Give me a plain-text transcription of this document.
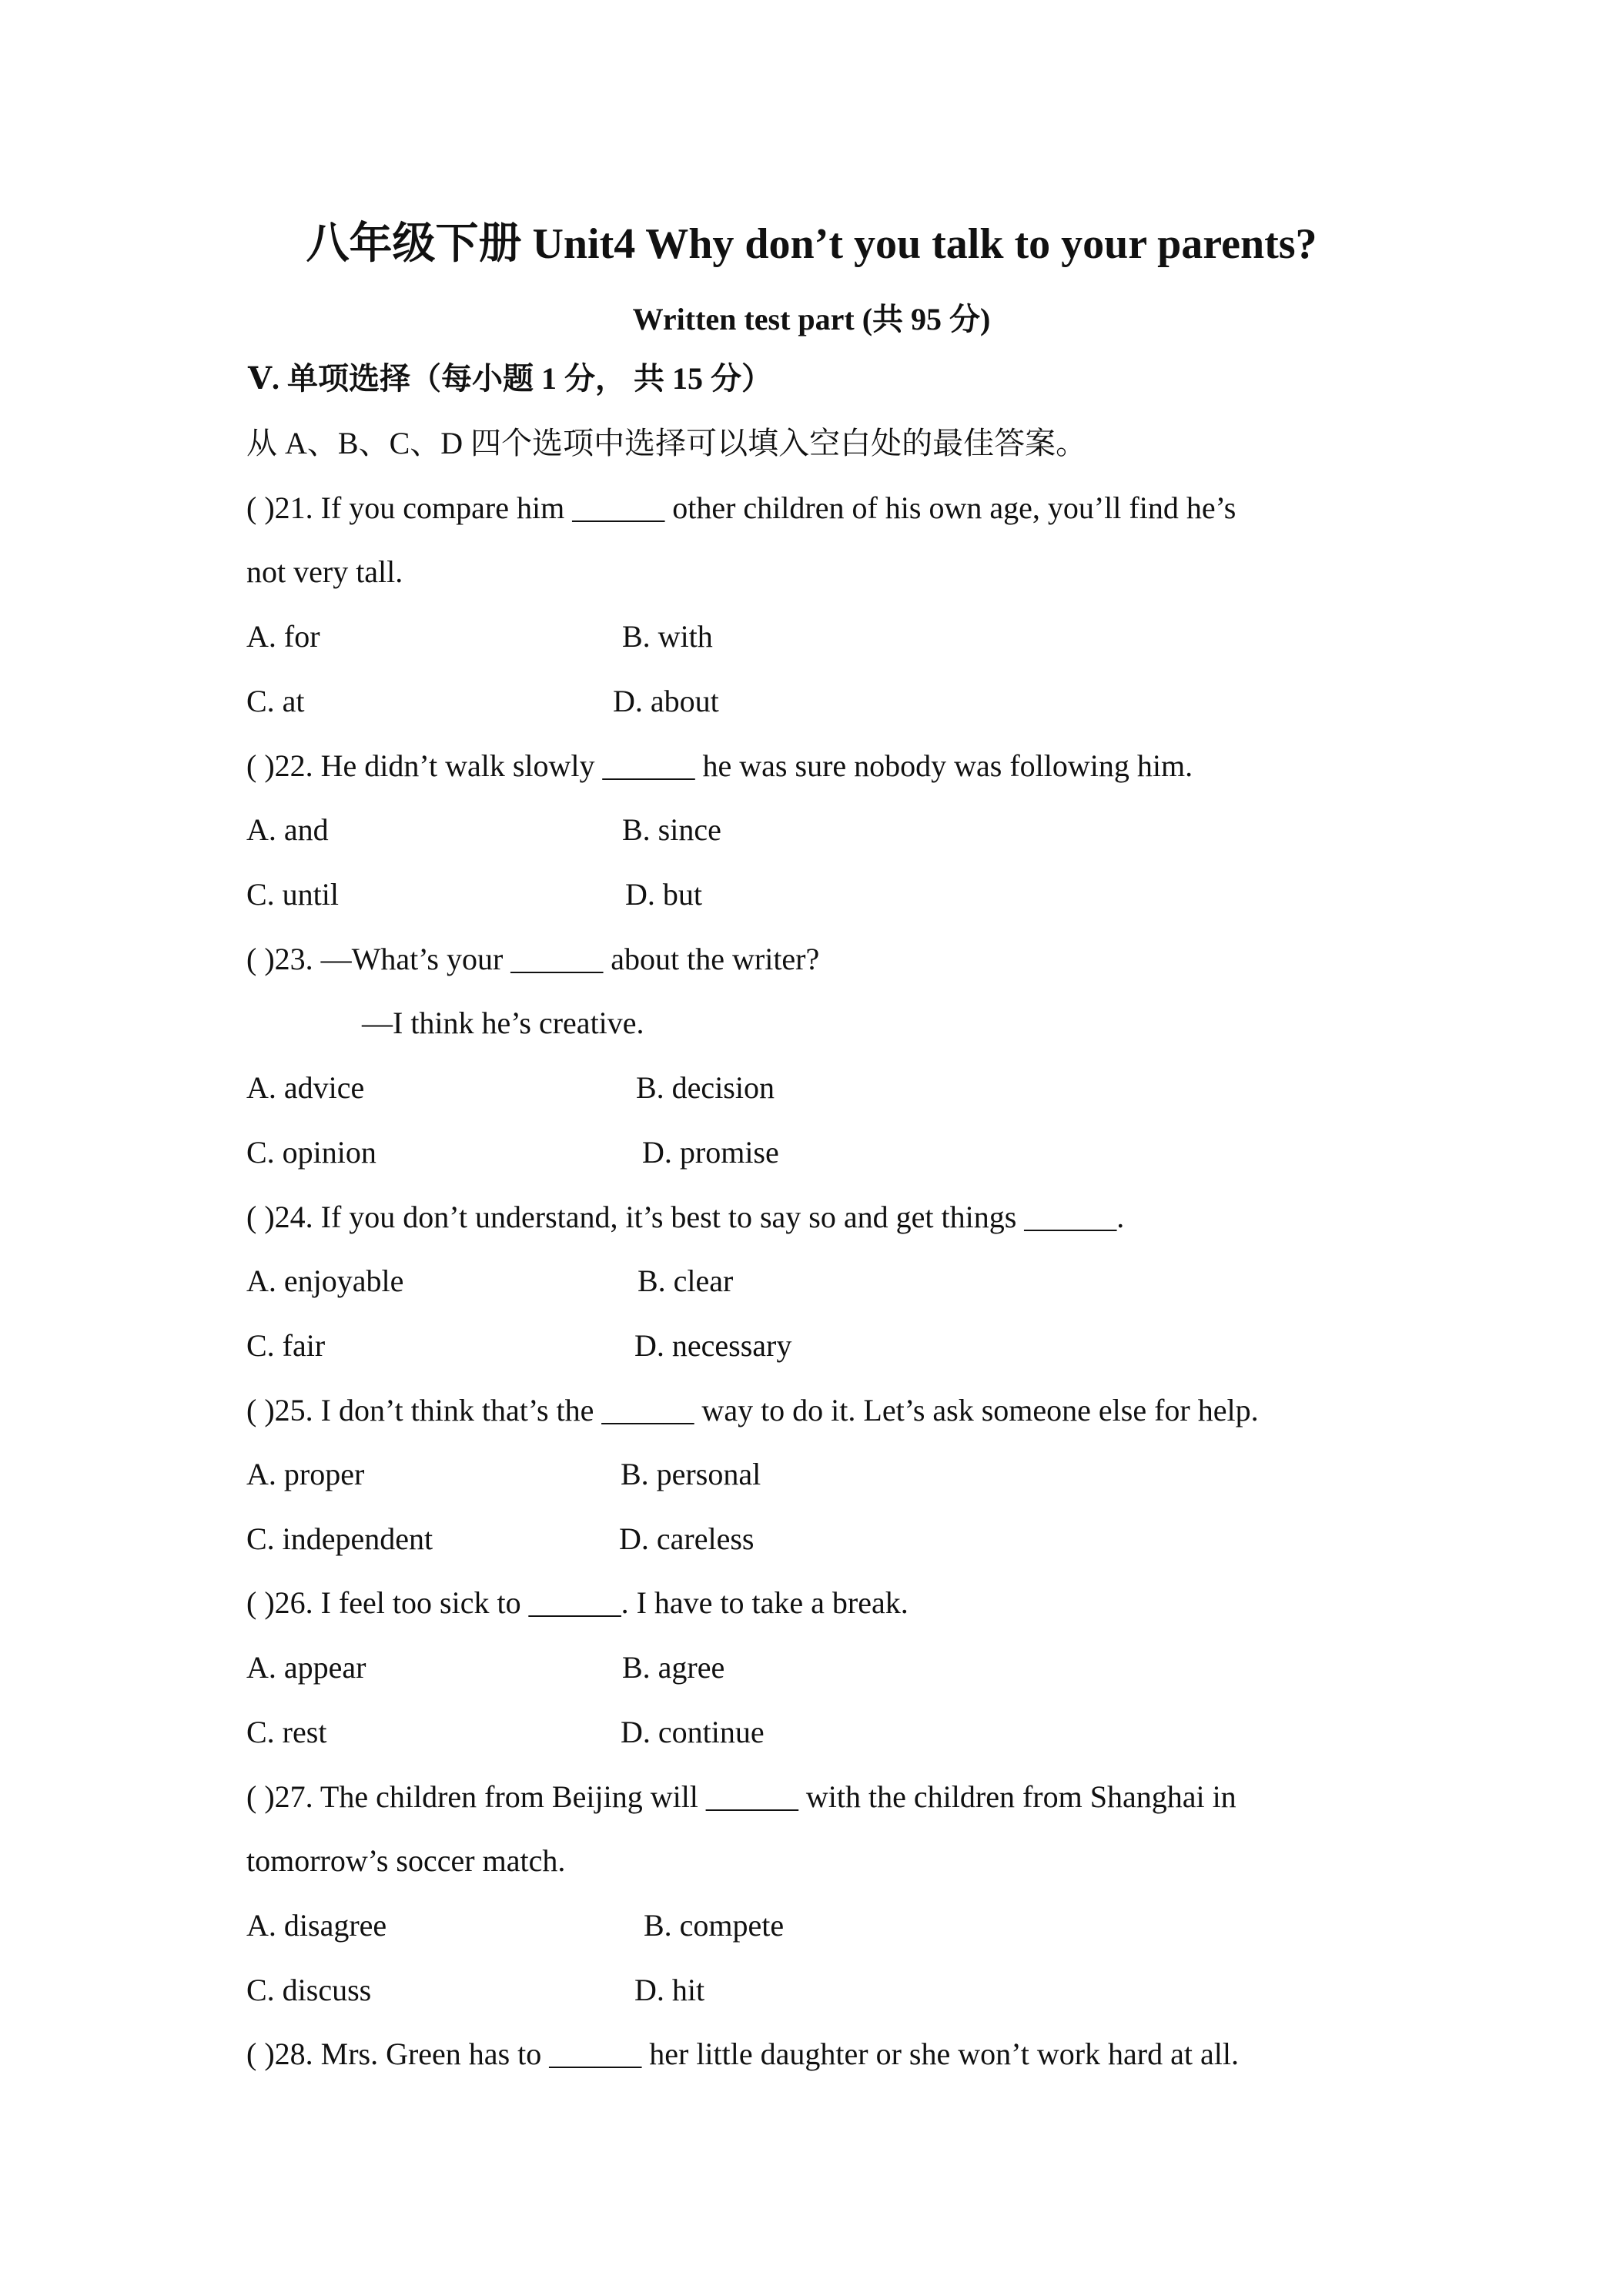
八年级下册 Unit4 Why don’t you talk to your parents?
Written test part (共 95 分)
Ⅴ. 单项选择（每小题 1 分， 共 15 分）
从 A、B、C、D 四个选项中选择可以填入空白处的最佳答案。
( )21. If you compare him ______ other children of his own age, you’ll find he’s
not very tall.
A. for	B. with
C. at	D. about
( )22. He didn’t walk slowly ______ he was sure nobody was following him.
A. and	B. since
C. until	D. but
( )23. —What’s your ______ about the writer?
—I think he’s creative.
A. advice	B. decision
C. opinion	D. promise
( )24. If you don’t understand, it’s best to say so and get things ______.
A. enjoyable	B. clear
C. fair	D. necessary
( )25. I don’t think that’s the ______ way to do it. Let’s ask someone else for help.
A. proper	B. personal
C. independent	D. careless
( )26. I feel too sick to ______. I have to take a break.
A. appear	B. agree
C. rest	D. continue
( )27. The children from Beijing will ______ with the children from Shanghai in
tomorrow’s soccer match.
A. disagree	B. compete
C. discuss	D. hit
( )28. Mrs. Green has to ______ her little daughter or she won’t work hard at all.
